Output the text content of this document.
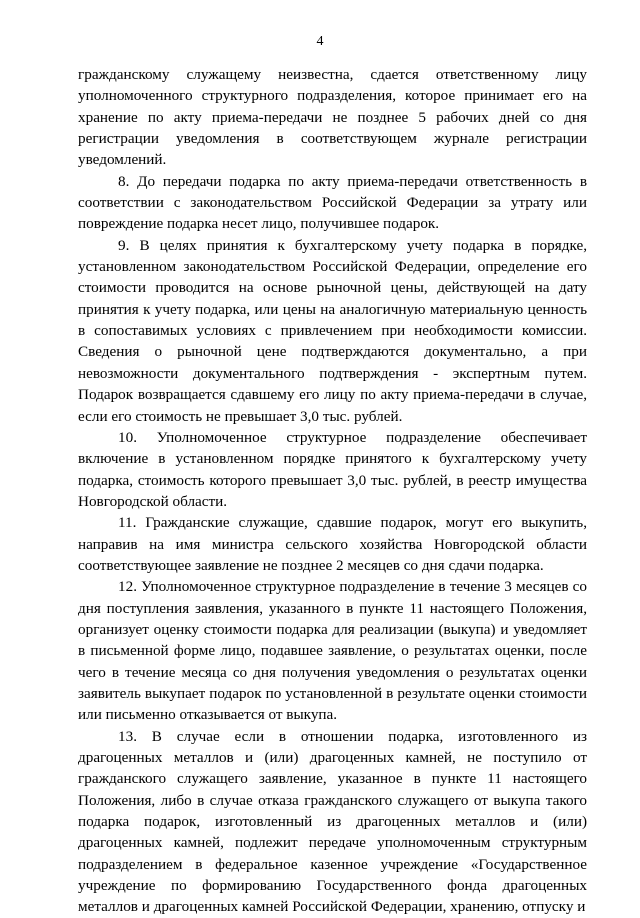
4

гражданскому служащему неизвестна, сдается ответственному лицу уполномоченного структурного подразделения, которое принимает его на хранение по акту приема-передачи не позднее 5 рабочих дней со дня регистрации уведомления в соответствующем журнале регистрации уведомлений.

8. До передачи подарка по акту приема-передачи ответственность в соответствии с законодательством Российской Федерации за утрату или повреждение подарка несет лицо, получившее подарок.

9. В целях принятия к бухгалтерскому учету подарка в порядке, установленном законодательством Российской Федерации, определение его стоимости проводится на основе рыночной цены, действующей на дату принятия к учету подарка, или цены на аналогичную материальную ценность в сопоставимых условиях с привлечением при необходимости комиссии. Сведения о рыночной цене подтверждаются документально, а при невозможности документального подтверждения - экспертным путем. Подарок возвращается сдавшему его лицу по акту приема-передачи в случае, если его стоимость не превышает 3,0 тыс. рублей.

10. Уполномоченное структурное подразделение обеспечивает включение в установленном порядке принятого к бухгалтерскому учету подарка, стоимость которого превышает 3,0 тыс. рублей, в реестр имущества Новгородской области.

11. Гражданские служащие, сдавшие подарок, могут его выкупить, направив на имя министра сельского хозяйства Новгородской области соответствующее заявление не позднее 2 месяцев со дня сдачи подарка.

12. Уполномоченное структурное подразделение в течение 3 месяцев со дня поступления заявления, указанного в пункте 11 настоящего Положения, организует оценку стоимости подарка для реализации (выкупа) и уведомляет в письменной форме лицо, подавшее заявление, о результатах оценки, после чего в течение месяца со дня получения уведомления о результатах оценки заявитель выкупает подарок по установленной в результате оценки стоимости или письменно отказывается от выкупа.

13. В случае если в отношении подарка, изготовленного из драгоценных металлов и (или) драгоценных камней, не поступило от гражданского служащего заявление, указанное в пункте 11 настоящего Положения, либо в случае отказа гражданского служащего от выкупа такого подарка подарок, изготовленный из драгоценных металлов и (или) драгоценных камней, подлежит передаче уполномоченным структурным подразделением в федеральное казенное учреждение «Государственное учреждение по формированию Государственного фонда драгоценных металлов и драгоценных камней Российской Федерации, хранению, отпуску и
